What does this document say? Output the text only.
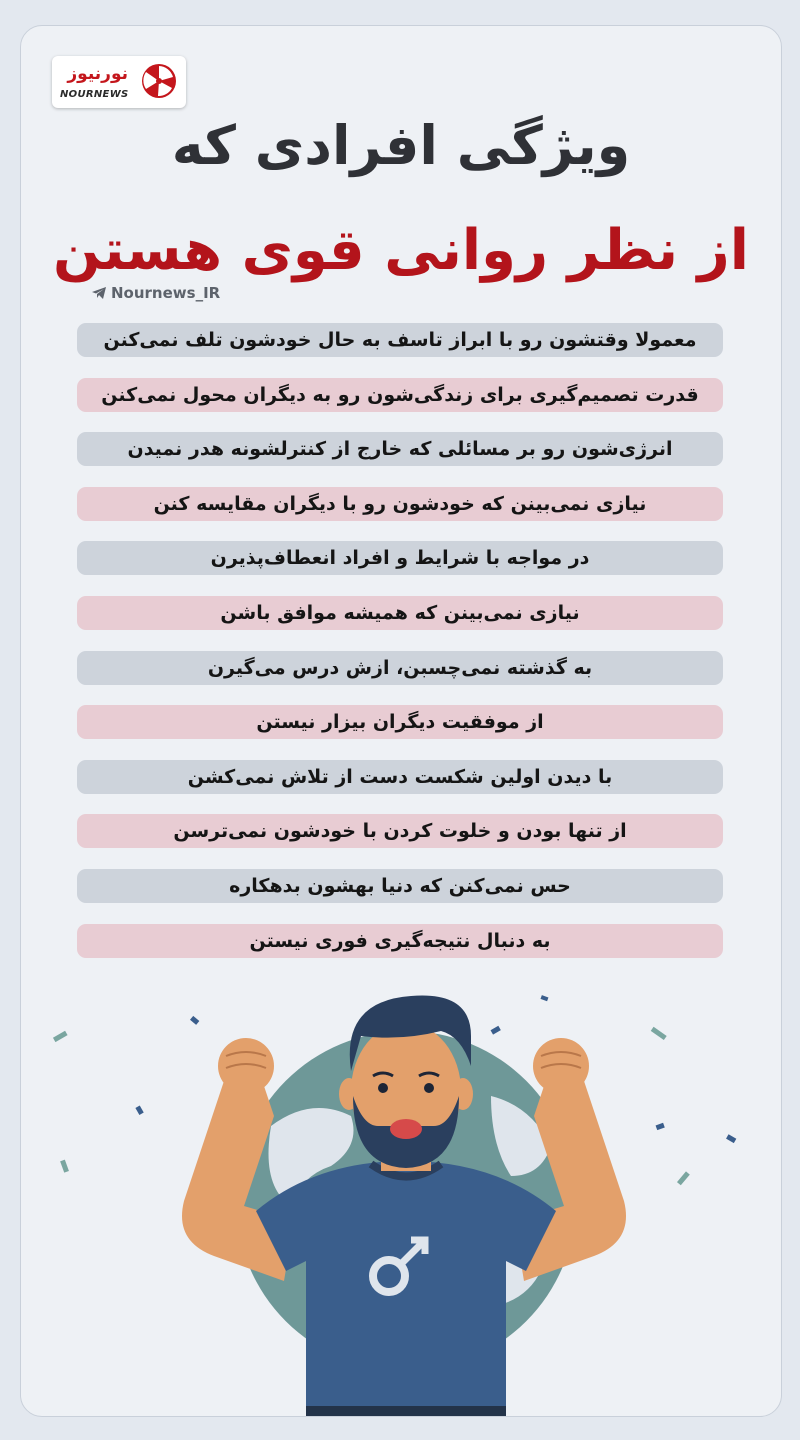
نورنیوز
NOURNEWS
ویژگی افرادی که
از نظر روانی قوی هستن
Nournews_IR
معمولا وقتشون رو با ابراز تاسف به حال خودشون تلف نمی‌کنن
قدرت تصمیم‌گیری برای زندگی‌شون رو به دیگران محول نمی‌کنن
انرژی‌شون رو بر مسائلی که خارج از کنترلشونه هدر نمیدن
نیازی نمی‌بینن که خودشون رو با دیگران مقایسه کنن
در مواجه با شرایط و افراد انعطاف‌پذیرن
نیازی نمی‌بینن که همیشه موافق باشن
به گذشته نمی‌چسبن، ازش درس می‌گیرن
از موفقیت دیگران بیزار نیستن
با دیدن اولین شکست دست از تلاش نمی‌کشن
از تنها بودن و خلوت کردن با خودشون نمی‌ترسن
حس نمی‌کنن که دنیا بهشون بدهکاره
به دنبال نتیجه‌گیری فوری نیستن
